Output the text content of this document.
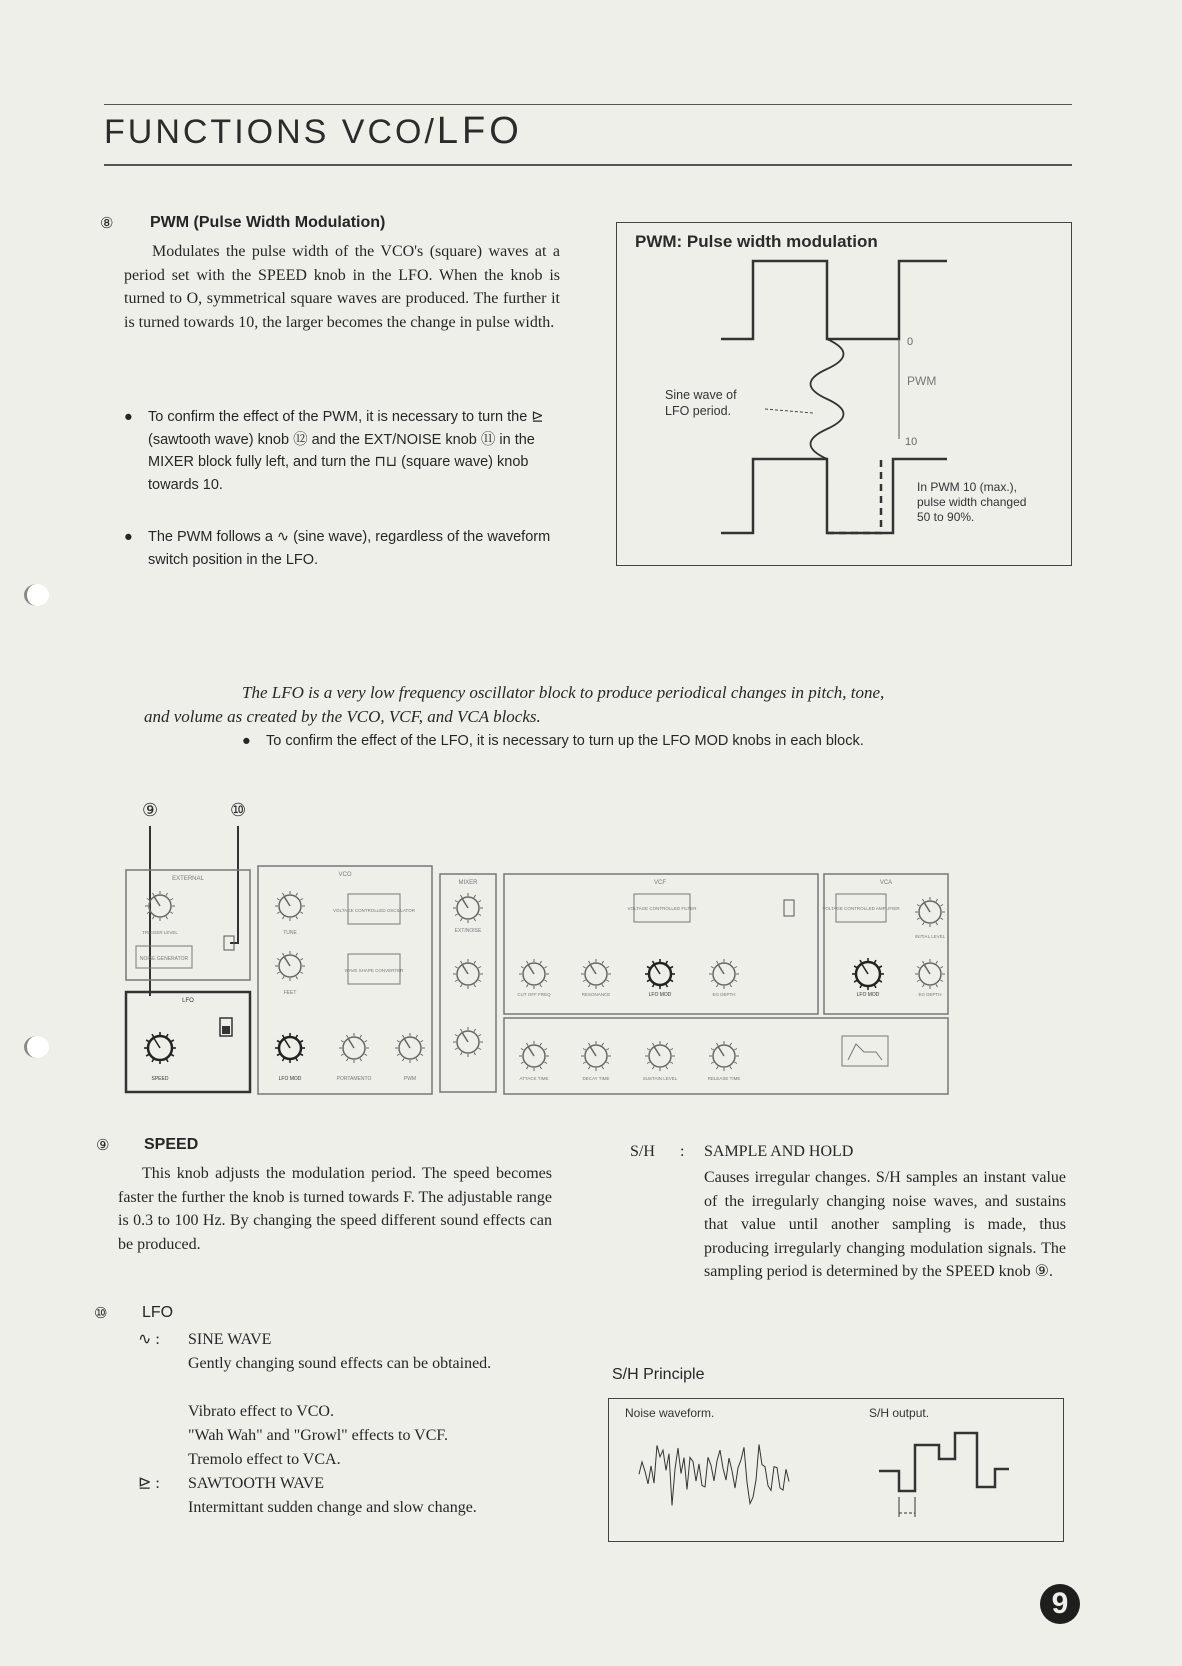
FUNCTIONS VCO/LFO
⑧ PWM (Pulse Width Modulation)
Modulates the pulse width of the VCO's (square) waves at a period set with the SPEED knob in the LFO. When the knob is turned to O, symmetrical square waves are produced. The further it is turned towards 10, the larger becomes the change in pulse width.
● To confirm the effect of the PWM, it is necessary to turn the ⊵ (sawtooth wave) knob ⑫ and the EXT/NOISE knob ⑪ in the MIXER block fully left, and turn the ⊓⊔ (square wave) knob towards 10.
● The PWM follows a ∿ (sine wave), regardless of the waveform switch position in the LFO.
PWM: Pulse width modulation
0
PWM
10
Sine wave of
LFO period.
In PWM 10 (max.),
pulse width changed
50 to 90%.
The LFO is a very low frequency oscillator block to produce periodical changes in pitch, tone,
and volume as created by the VCO, VCF, and VCA blocks.
● To confirm the effect of the LFO, it is necessary to turn up the LFO MOD knobs in each block.
⑨	⑩
EXTERNAL
VCO
MIXER	VCF	VCA
LFO
NOISE GENERATOR
VOLTAGE CONTROLLED OSCILLATOR
WAVE SHAPE CONVERTER
VOLTAGE CONTROLLED FILTER	VOLTAGE CONTROLLED AMPLIFIER
TRIGGER LEVEL
SPEED
TUNE
FEET
LFO MOD	PORTAMENTO	PWM
EXT/NOISE
CUT OFF FREQ	RESONANCE	LFO MOD	EG DEPTH
INITIAL LEVEL
LFO MOD	EG DEPTH
ATTACK TIME	DECAY TIME	SUSTAIN LEVEL	RELEASE TIME
⑨ SPEED
This knob adjusts the modulation period. The speed becomes faster the further the knob is turned towards F. The adjustable range is 0.3 to 100 Hz. By changing the speed different sound effects can be produced.
⑩ LFO
∿ : SINE WAVE
Gently changing sound effects can be obtained.
Vibrato effect to VCO.
"Wah Wah" and "Growl" effects to VCF.
Tremolo effect to VCA.
⊵ : SAWTOOTH WAVE
Intermittant sudden change and slow change.
S/H : SAMPLE AND HOLD
Causes irregular changes. S/H samples an instant value of the irregularly changing noise waves, and sustains that value until another sampling is made, thus producing irregularly changing modulation signals. The sampling period is determined by the SPEED knob ⑨.
S/H Principle
Noise waveform.	S/H output.
9
